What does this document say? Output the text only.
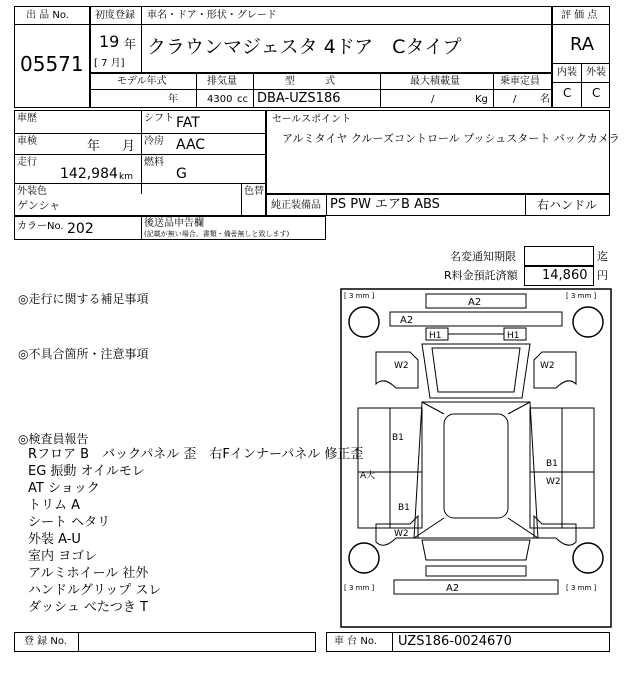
出 品 No.
05571
初度登録 車名・ドア・形状・グレード
19 年
[ 7 月]
クラウンマジェスタ 4ドア　Cタイプ
評 価 点
RA
内装 外装
C C
モデル年式
年
排気量
4300 cc
型　　　式
DBA-UZS186
最大積載量
/	Kg
乗車定員
/ 名
車歴	シフト FAT
車検	年 月 冷房 AAC
走行
142,984 km
燃料
G
外装色
ゲンシャ
色替
セールスポイント
アルミタイヤ クルーズコントロール プッシュスタート バックカメラ
純正装備品 PS PW エアB ABS	右ハンドル
カラーNo. 202	後送品申告欄
(記載が無い場合、書類・備품無しと致します)
名変通知期限	迄
R料金預託済額 14,860 円
◎走行に関する補足事項
◎不具合箇所・注意事項
◎検査員報告
Rフロア B　バックパネル 歪　右Fインナーパネル 修正歪
EG 振動 オイルモレ
AT ショック
トリム A
シート ヘタリ
外装 A-U
室内 ヨゴレ
アルミホイール 社外
ハンドルグリップ スレ
ダッシュ べたつき T
[ 3 mm ]	[ 3 mm ]
[ 3 mm ]	[ 3 mm ]
A2
A2
H1	H1
W2	W2
B1
B1
W2
A大
B1
W2
A2
登 録 No.	車 台 No. UZS186-0024670
